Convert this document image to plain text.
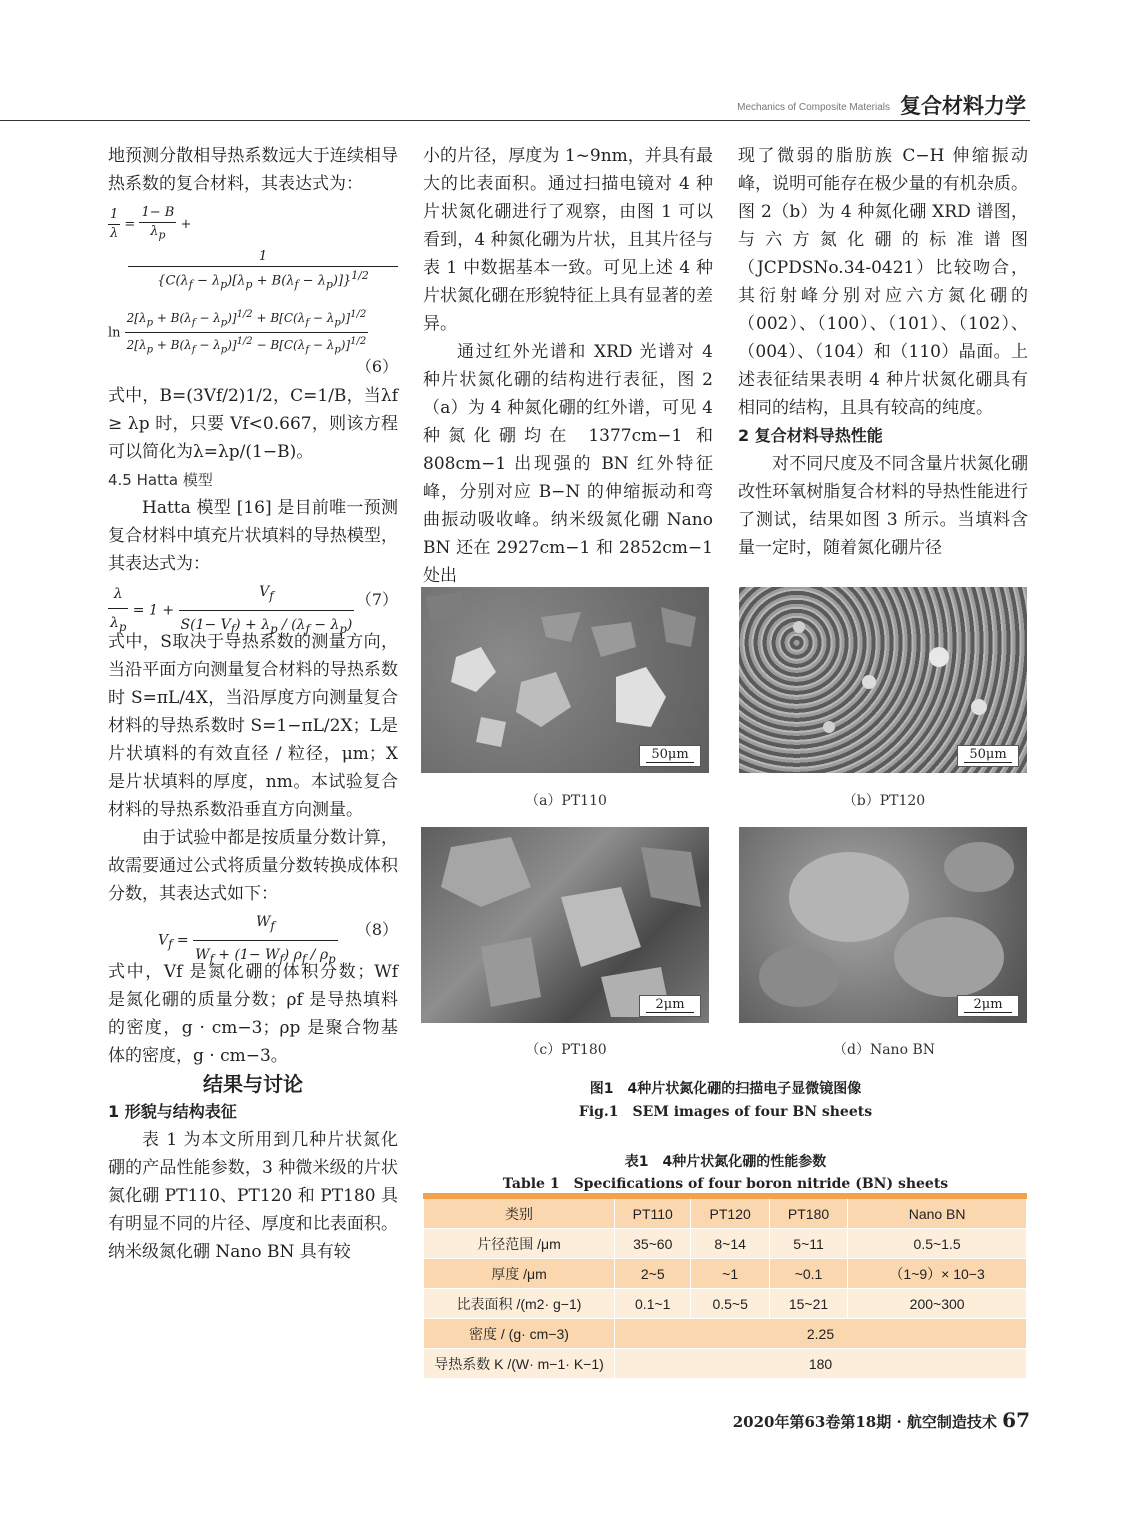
Mechanics of Composite Materials 复合材料力学

地预测分散相导热系数远大于连续相导热系数的复合材料，其表达式为：

$\frac{1}{\lambda} = \frac{1- B}{\lambda_p}$ +
1
$\{C(\lambda_f - \lambda_p)[\lambda_p + B(\lambda_f - \lambda_p)]\}^{1/2}$
$\ln \frac{2[\lambda_p + B(\lambda_f - \lambda_p)]^{1/2} + B[C(\lambda_f - \lambda_p)]^{1/2}}{2[\lambda_p + B(\lambda_f - \lambda_p)]^{1/2} - B[C(\lambda_f - \lambda_p)]^{1/2}}$
（6）

式中，B=(3Vf/2)1/2，C=1/B，当λf ≥ λp 时，只要 Vf<0.667，则该方程可以简化为λ=λp/(1−B)。

4.5 Hatta 模型

Hatta 模型 [16] 是目前唯一预测复合材料中填充片状填料的导热模型，其表达式为：

$\frac{\lambda}{\lambda_p} = 1 + \frac{V_f}{S(1- V_f) + \lambda_p / (\lambda_f - \lambda_p)} (7)$

式中，S取决于导热系数的测量方向，当沿平面方向测量复合材料的导热系数时 S=πL/4X，当沿厚度方向测量复合材料的导热系数时 S=1−πL/2X；L是片状填料的有效直径 / 粒径，μm；X是片状填料的厚度，nm。本试验复合材料的导热系数沿垂直方向测量。

由于试验中都是按质量分数计算，故需要通过公式将质量分数转换成体积分数，其表达式如下：

$V_f = \frac{W_f}{W_f + (1- W_f) \rho_f / \rho_p} (8)$

式中，Vf 是氮化硼的体积分数；Wf 是氮化硼的质量分数；ρf 是导热填料的密度，g · cm−3；ρp 是聚合物基体的密度，g · cm−3。

结果与讨论

1 形貌与结构表征

表 1 为本文所用到几种片状氮化硼的产品性能参数，3 种微米级的片状氮化硼 PT110、PT120 和 PT180 具有明显不同的片径、厚度和比表面积。纳米级氮化硼 Nano BN 具有较

小的片径，厚度为 1~9nm，并具有最大的比表面积。通过扫描电镜对 4 种片状氮化硼进行了观察，由图 1 可以看到，4 种氮化硼为片状，且其片径与表 1 中数据基本一致。可见上述 4 种片状氮化硼在形貌特征上具有显著的差异。

通过红外光谱和 XRD 光谱对 4 种片状氮化硼的结构进行表征，图 2（a）为 4 种氮化硼的红外谱，可见 4 种氮化硼均在 1377cm−1 和 808cm−1 出现强的 BN 红外特征峰，分别对应 B−N 的伸缩振动和弯曲振动吸收峰。纳米级氮化硼 Nano BN 还在 2927cm−1 和 2852cm−1 处出

现了微弱的脂肪族 C−H 伸缩振动峰，说明可能存在极少量的有机杂质。图 2（b）为 4 种氮化硼 XRD 谱图，与六方氮化硼的标准谱图（JCPDSNo.34-0421）比较吻合，其衍射峰分别对应六方氮化硼的（002）、（100）、（101）、（102）、（004）、（104）和（110）晶面。上述表征结果表明 4 种片状氮化硼具有相同的结构，且具有较高的纯度。

2 复合材料导热性能

对不同尺度及不同含量片状氮化硼改性环氧树脂复合材料的导热性能进行了测试，结果如图 3 所示。当填料含量一定时，随着氮化硼片径

50μm
（a）PT110
50μm
（b）PT120
2μm
（c）PT180
2μm
（d）Nano BN
图1　4种片状氮化硼的扫描电子显微镜图像
Fig.1　SEM images of four BN sheets
表1　4种片状氮化硼的性能参数
Table 1　Specifications of four boron nitride (BN) sheets
类别	PT110	PT120	PT180	Nano BN
片径范围 /μm	35~60	8~14	5~11	0.5~1.5
厚度 /μm	2~5	~1	~0.1	（1~9）× 10−3
比表面积 /(m2· g−1)	0.1~1	0.5~5	15~21	200~300
密度 / (g· cm−3)	2.25			
导热系数 K /(W· m−1· K−1)	180			
2020年第63卷第18期 · 航空制造技术 67
